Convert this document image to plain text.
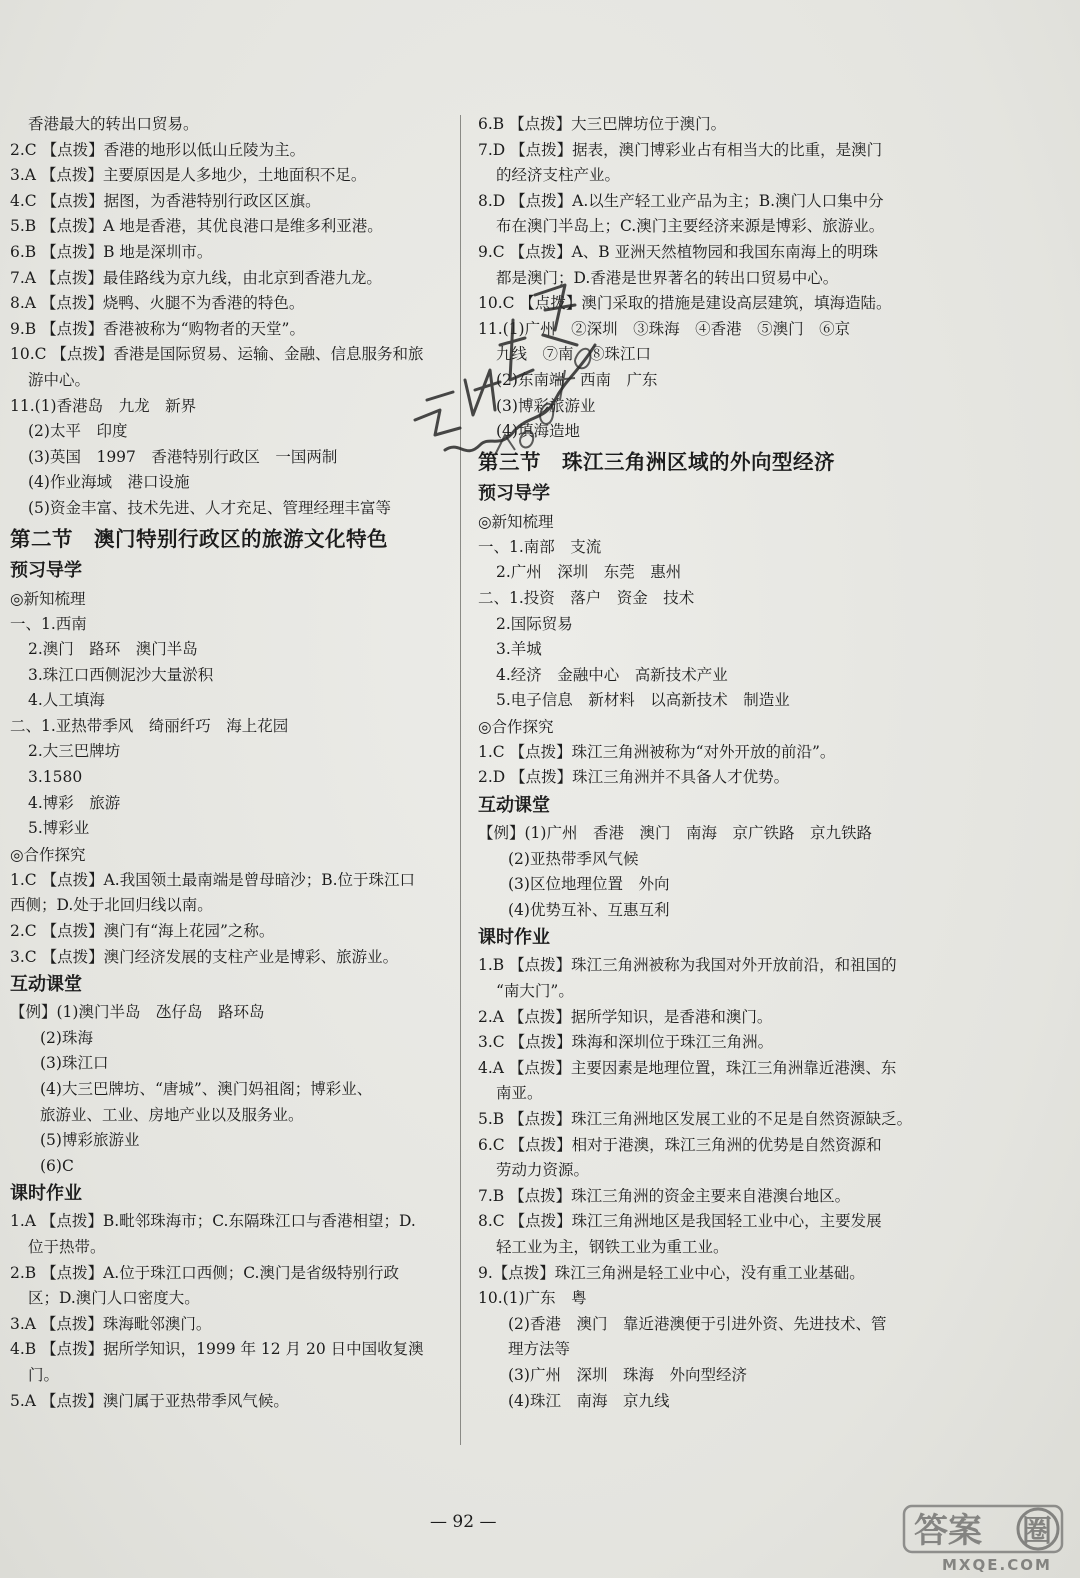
香港最大的转出口贸易。
2.C 【点拨】香港的地形以低山丘陵为主。
3.A 【点拨】主要原因是人多地少，土地面积不足。
4.C 【点拨】据图，为香港特别行政区区旗。
5.B 【点拨】A 地是香港，其优良港口是维多利亚港。
6.B 【点拨】B 地是深圳市。
7.A 【点拨】最佳路线为京九线，由北京到香港九龙。
8.A 【点拨】烧鸭、火腿不为香港的特色。
9.B 【点拨】香港被称为“购物者的天堂”。
10.C 【点拨】香港是国际贸易、运输、金融、信息服务和旅
游中心。
11.(1)香港岛　九龙　新界
(2)太平　印度
(3)英国　1997　香港特别行政区　一国两制
(4)作业海域　港口设施
(5)资金丰富、技术先进、人才充足、管理经理丰富等
第二节　澳门特别行政区的旅游文化特色
预习导学
◎新知梳理
一、1.西南
2.澳门　路环　澳门半岛
3.珠江口西侧泥沙大量淤积
4.人工填海
二、1.亚热带季风　绮丽纤巧　海上花园
2.大三巴牌坊
3.1580
4.博彩　旅游
5.博彩业
◎合作探究
1.C 【点拨】A.我国领土最南端是曾母暗沙；B.位于珠江口
西侧；D.处于北回归线以南。
2.C 【点拨】澳门有“海上花园”之称。
3.C 【点拨】澳门经济发展的支柱产业是博彩、旅游业。
互动课堂
【例】(1)澳门半岛　氹仔岛　路环岛
(2)珠海
(3)珠江口
(4)大三巴牌坊、“唐城”、澳门妈祖阁；博彩业、
旅游业、工业、房地产业以及服务业。
(5)博彩旅游业
(6)C
课时作业
1.A 【点拨】B.毗邻珠海市；C.东隔珠江口与香港相望；D.
位于热带。
2.B 【点拨】A.位于珠江口西侧；C.澳门是省级特别行政
区；D.澳门人口密度大。
3.A 【点拨】珠海毗邻澳门。
4.B 【点拨】据所学知识，1999 年 12 月 20 日中国收复澳
门。
5.A 【点拨】澳门属于亚热带季风气候。
6.B 【点拨】大三巴牌坊位于澳门。
7.D 【点拨】据表，澳门博彩业占有相当大的比重，是澳门
的经济支柱产业。
8.D 【点拨】A.以生产轻工业产品为主；B.澳门人口集中分
布在澳门半岛上；C.澳门主要经济来源是博彩、旅游业。
9.C 【点拨】A、B 亚洲天然植物园和我国东南海上的明珠
都是澳门；D.香港是世界著名的转出口贸易中心。
10.C 【点拨】澳门采取的措施是建设高层建筑，填海造陆。
11.(1)广州　②深圳　③珠海　④香港　⑤澳门　⑥京
九线　⑦南　⑧珠江口
(2)东南端　西南　广东
(3)博彩旅游业
(4)填海造地
第三节　珠江三角洲区域的外向型经济
预习导学
◎新知梳理
一、1.南部　支流
2.广州　深圳　东莞　惠州
二、1.投资　落户　资金　技术
2.国际贸易
3.羊城
4.经济　金融中心　高新技术产业
5.电子信息　新材料　以高新技术　制造业
◎合作探究
1.C 【点拨】珠江三角洲被称为“对外开放的前沿”。
2.D 【点拨】珠江三角洲并不具备人才优势。
互动课堂
【例】(1)广州　香港　澳门　南海　京广铁路　京九铁路
(2)亚热带季风气候
(3)区位地理位置　外向
(4)优势互补、互惠互利
课时作业
1.B 【点拨】珠江三角洲被称为我国对外开放前沿，和祖国的
“南大门”。
2.A 【点拨】据所学知识，是香港和澳门。
3.C 【点拨】珠海和深圳位于珠江三角洲。
4.A 【点拨】主要因素是地理位置，珠江三角洲靠近港澳、东
南亚。
5.B 【点拨】珠江三角洲地区发展工业的不足是自然资源缺乏。
6.C 【点拨】相对于港澳，珠江三角洲的优势是自然资源和
劳动力资源。
7.B 【点拨】珠江三角洲的资金主要来自港澳台地区。
8.C 【点拨】珠江三角洲地区是我国轻工业中心，主要发展
轻工业为主，钢铁工业为重工业。
9.【点拨】珠江三角洲是轻工业中心，没有重工业基础。
10.(1)广东　粤
(2)香港　澳门　靠近港澳便于引进外资、先进技术、管
理方法等
(3)广州　深圳　珠海　外向型经济
(4)珠江　南海　京九线
— 92 —	答案 圈
MXQE.COM
